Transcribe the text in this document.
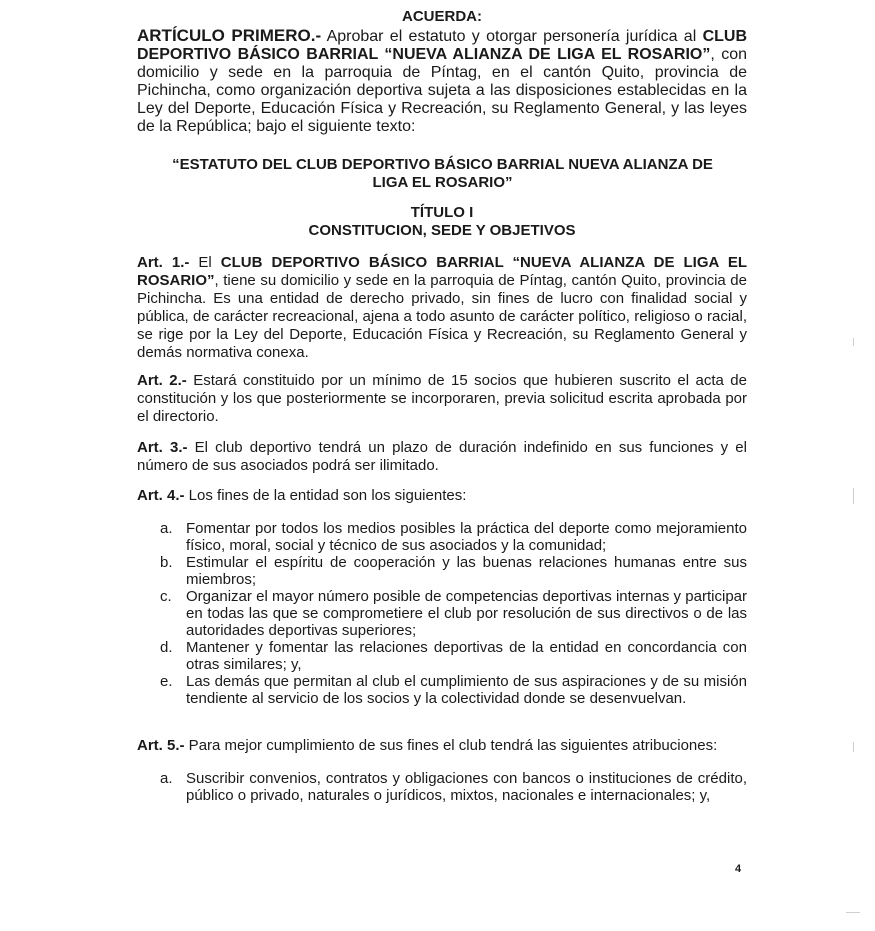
ACUERDA:
ARTÍCULO PRIMERO.- Aprobar el estatuto y otorgar personería jurídica al CLUB DEPORTIVO BÁSICO BARRIAL “NUEVA ALIANZA DE LIGA EL ROSARIO”, con domicilio y sede en la parroquia de Píntag, en el cantón Quito, provincia de Pichincha, como organización deportiva sujeta a las disposiciones establecidas en la Ley del Deporte, Educación Física y Recreación, su Reglamento General, y las leyes de la República; bajo el siguiente texto:
“ESTATUTO DEL CLUB DEPORTIVO BÁSICO BARRIAL NUEVA ALIANZA DE LIGA EL ROSARIO”
TÍTULO I
CONSTITUCION, SEDE Y OBJETIVOS
Art. 1.- El CLUB DEPORTIVO BÁSICO BARRIAL “NUEVA ALIANZA DE LIGA EL ROSARIO”, tiene su domicilio y sede en la parroquia de Píntag, cantón Quito, provincia de Pichincha. Es una entidad de derecho privado, sin fines de lucro con finalidad social y pública, de carácter recreacional, ajena a todo asunto de carácter político, religioso o racial, se rige por la Ley del Deporte, Educación Física y Recreación, su Reglamento General y demás normativa conexa.
Art. 2.- Estará constituido por un mínimo de 15 socios que hubieren suscrito el acta de constitución y los que posteriormente se incorporaren, previa solicitud escrita aprobada por el directorio.
Art. 3.- El club deportivo tendrá un plazo de duración indefinido en sus funciones y el número de sus asociados podrá ser ilimitado.
Art. 4.- Los fines de la entidad son los siguientes:
a. Fomentar por todos los medios posibles la práctica del deporte como mejoramiento físico, moral, social y técnico de sus asociados y la comunidad;
b. Estimular el espíritu de cooperación y las buenas relaciones humanas entre sus miembros;
c. Organizar el mayor número posible de competencias deportivas internas y participar en todas las que se comprometiere el club por resolución de sus directivos o de las autoridades deportivas superiores;
d. Mantener y fomentar las relaciones deportivas de la entidad en concordancia con otras similares; y,
e. Las demás que permitan al club el cumplimiento de sus aspiraciones y de su misión tendiente al servicio de los socios y la colectividad donde se desenvuelvan.
Art. 5.- Para mejor cumplimiento de sus fines el club tendrá las siguientes atribuciones:
a. Suscribir convenios, contratos y obligaciones con bancos o instituciones de crédito, público o privado, naturales o jurídicos, mixtos, nacionales e internacionales; y,
4
